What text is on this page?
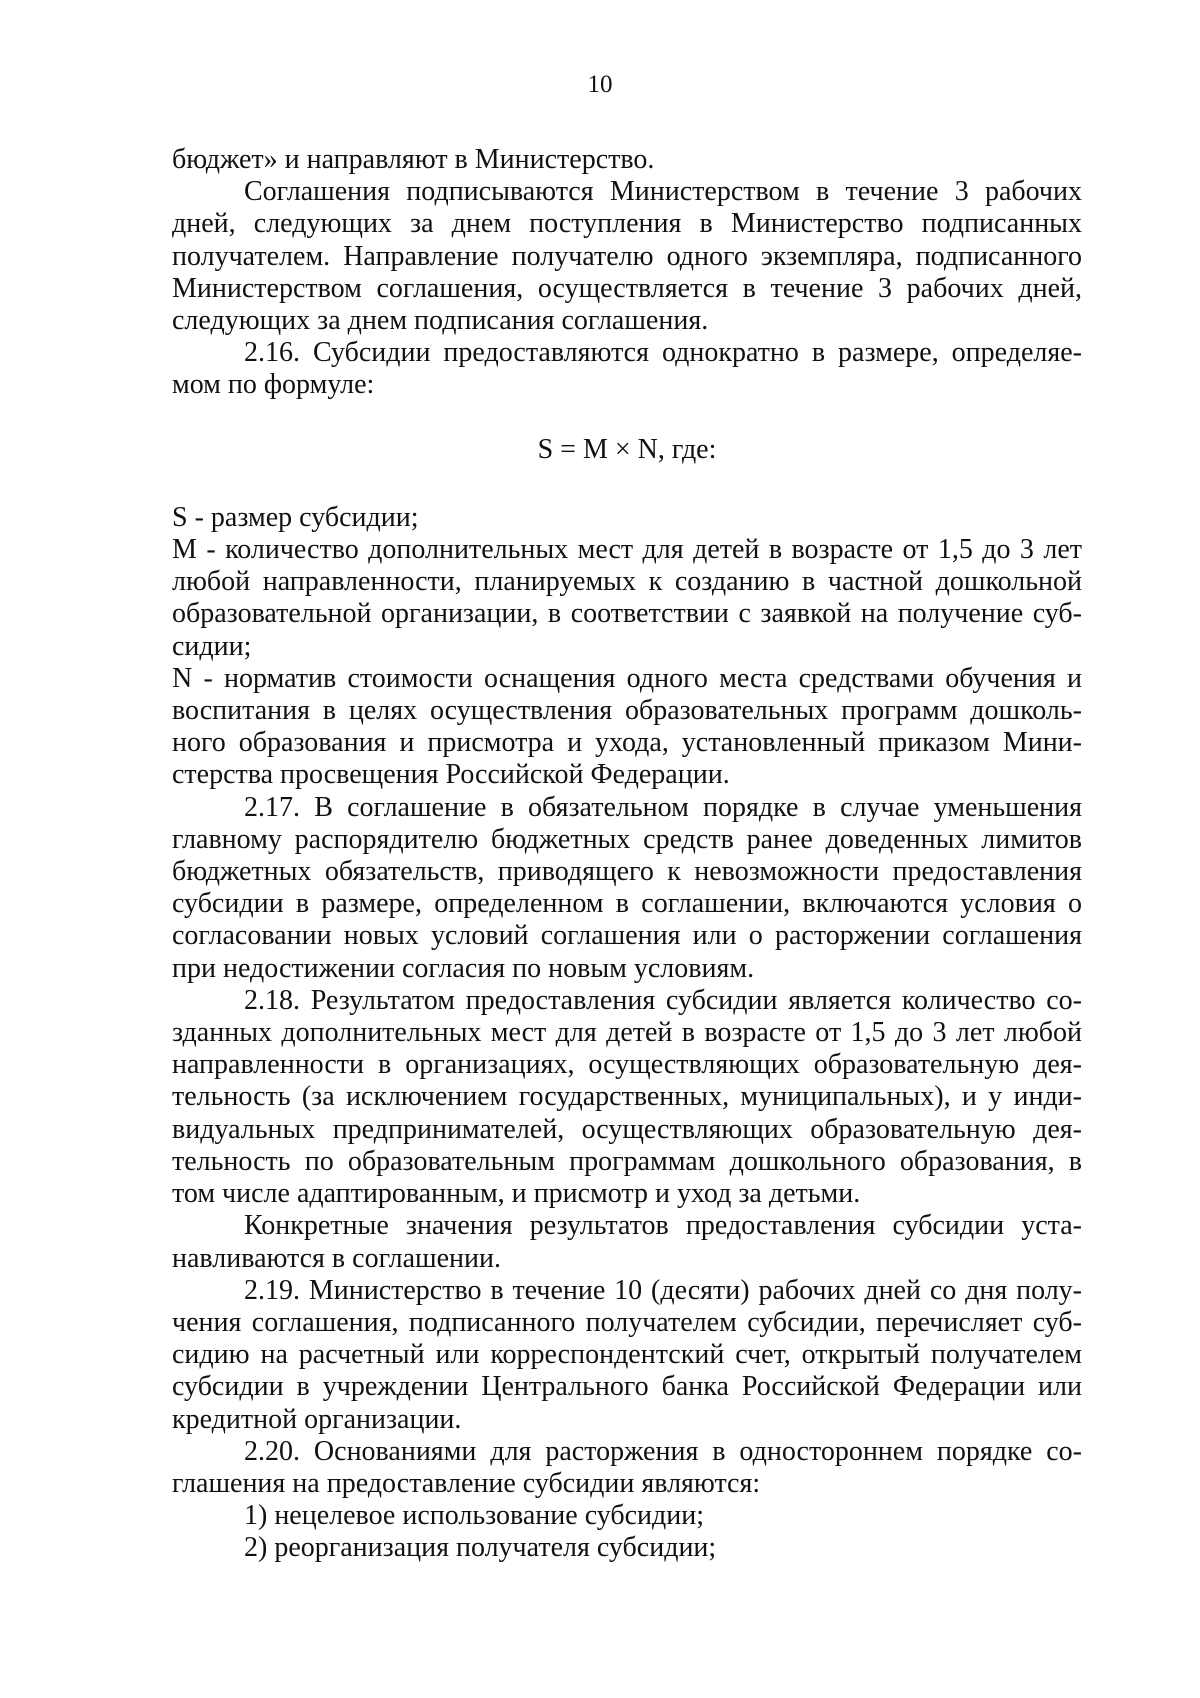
10

бюджет» и направляют в Министерство.

Соглашения подписываются Министерством в течение 3 рабочих дней, следующих за днем поступления в Министерство подписанных получателем. Направление получателю одного экземпляра, подписанного Министерством соглашения, осуществляется в течение 3 рабочих дней, следующих за днем подписания соглашения.

2.16. Субсидии предоставляются однократно в размере, определяемом по формуле:

S = M × N, где:

S - размер субсидии;

M - количество дополнительных мест для детей в возрасте от 1,5 до 3 лет любой направленности, планируемых к созданию в частной дошкольной образовательной организации, в соответствии с заявкой на получение субсидии;

N - норматив стоимости оснащения одного места средствами обучения и воспитания в целях осуществления образовательных программ дошкольного образования и присмотра и ухода, установленный приказом Министерства просвещения Российской Федерации.

2.17. В соглашение в обязательном порядке в случае уменьшения главному распорядителю бюджетных средств ранее доведенных лимитов бюджетных обязательств, приводящего к невозможности предоставления субсидии в размере, определенном в соглашении, включаются условия о согласовании новых условий соглашения или о расторжении соглашения при недостижении согласия по новым условиям.

2.18. Результатом предоставления субсидии является количество созданных дополнительных мест для детей в возрасте от 1,5 до 3 лет любой направленности в организациях, осуществляющих образовательную деятельность (за исключением государственных, муниципальных), и у индивидуальных предпринимателей, осуществляющих образовательную деятельность по образовательным программам дошкольного образования, в том числе адаптированным, и присмотр и уход за детьми.

Конкретные значения результатов предоставления субсидии устанавливаются в соглашении.

2.19. Министерство в течение 10 (десяти) рабочих дней со дня получения соглашения, подписанного получателем субсидии, перечисляет субсидию на расчетный или корреспондентский счет, открытый получателем субсидии в учреждении Центрального банка Российской Федерации или кредитной организации.

2.20. Основаниями для расторжения в одностороннем порядке соглашения на предоставление субсидии являются:

1) нецелевое использование субсидии;

2) реорганизация получателя субсидии;
